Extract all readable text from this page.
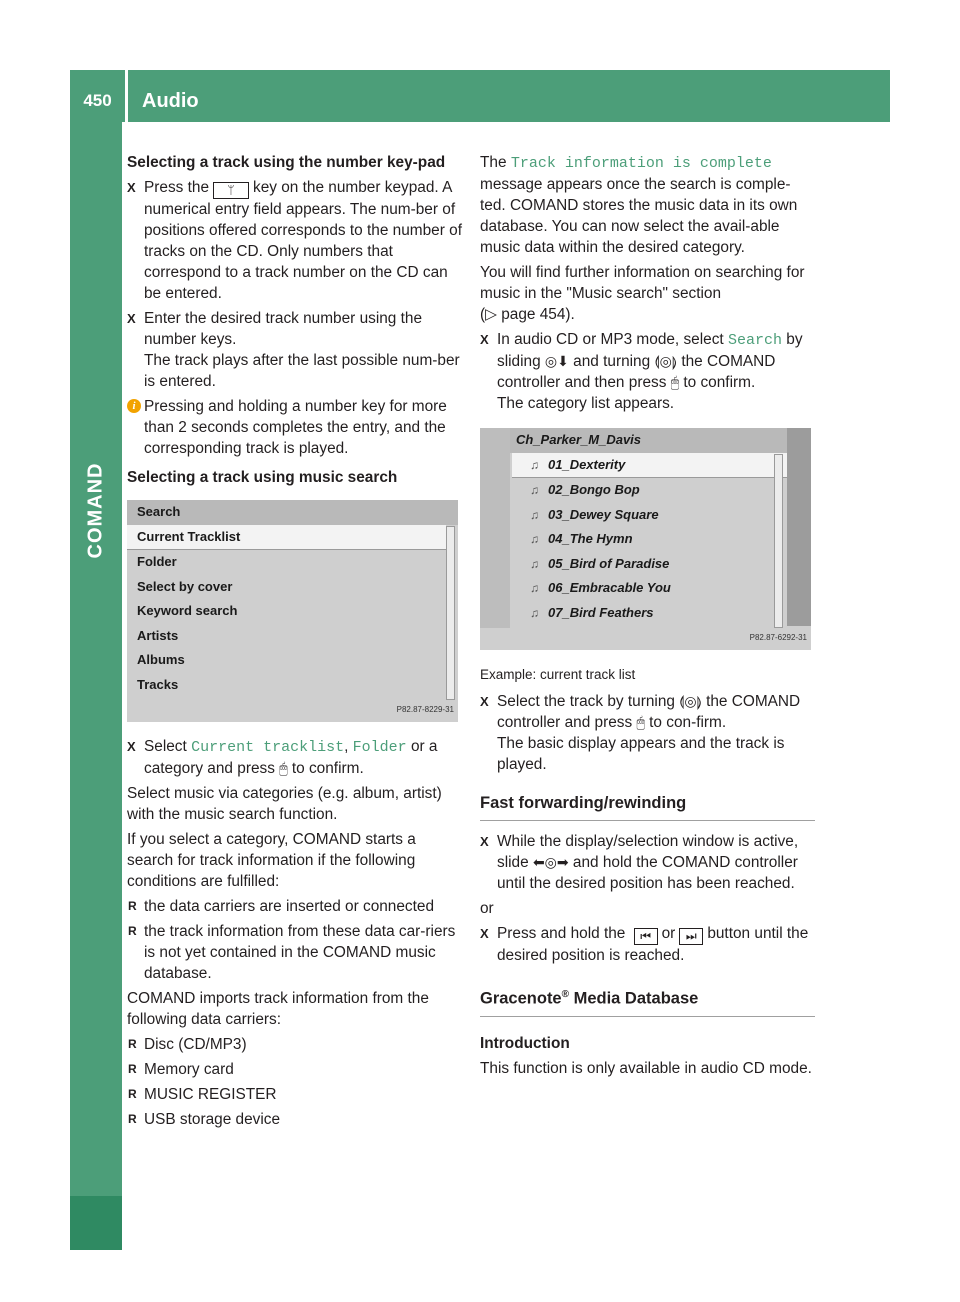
450	Audio
COMAND
Selecting a track using the number key-pad
X Press the ᛘ key on the number keypad. A numerical entry field appears. The num-ber of positions offered corresponds to the number of tracks on the CD. Only numbers that correspond to a track number on the CD can be entered.
X Enter the desired track number using the number keys.
The track plays after the last possible num-ber is entered.
i Pressing and holding a number key for more than 2 seconds completes the entry, and the corresponding track is played.
Selecting a track using music search
Search
Current Tracklist
Folder
Select by cover
Keyword search
Artists
Albums
Tracks
P82.87-8229-31
X Select Current tracklist, Folder or a category and press 🖱 to confirm.

Select music via categories (e.g. album, artist) with the music search function.

If you select a category, COMAND starts a search for track information if the following conditions are fulfilled:

R the data carriers are inserted or connected
R the track information from these data car-riers is not yet contained in the COMAND music database.

COMAND imports track information from the following data carriers:

R Disc (CD/MP3)
R Memory card
R MUSIC REGISTER
R USB storage device

The Track information is complete message appears once the search is comple-ted. COMAND stores the music data in its own database. You can now select the avail-able music data within the desired category.

You will find further information on searching for music in the "Music search" section
(▷ page 454).

X In audio CD or MP3 mode, select Search by sliding ◎⬇ and turning ⟬◎⟭ the COMAND controller and then press 🖱 to confirm.
The category list appears.
Ch_Parker_M_Davis
♫ 01_Dexterity
♫ 02_Bongo Bop
♫ 03_Dewey Square
♫ 04_The Hymn
♫ 05_Bird of Paradise
♫ 06_Embracable You
♫ 07_Bird Feathers
P82.87-6292-31

Example: current track list

X Select the track by turning ⟬◎⟭ the COMAND controller and press 🖱 to con-firm.
The basic display appears and the track is played.
Fast forwarding/rewinding
X While the display/selection window is active, slide ⬅◎➡ and hold the COMAND controller until the desired position has been reached.

or

X Press and hold the ⏮ or ⏭ button until the desired position is reached.
Gracenote® Media Database
Introduction

This function is only available in audio CD mode.
